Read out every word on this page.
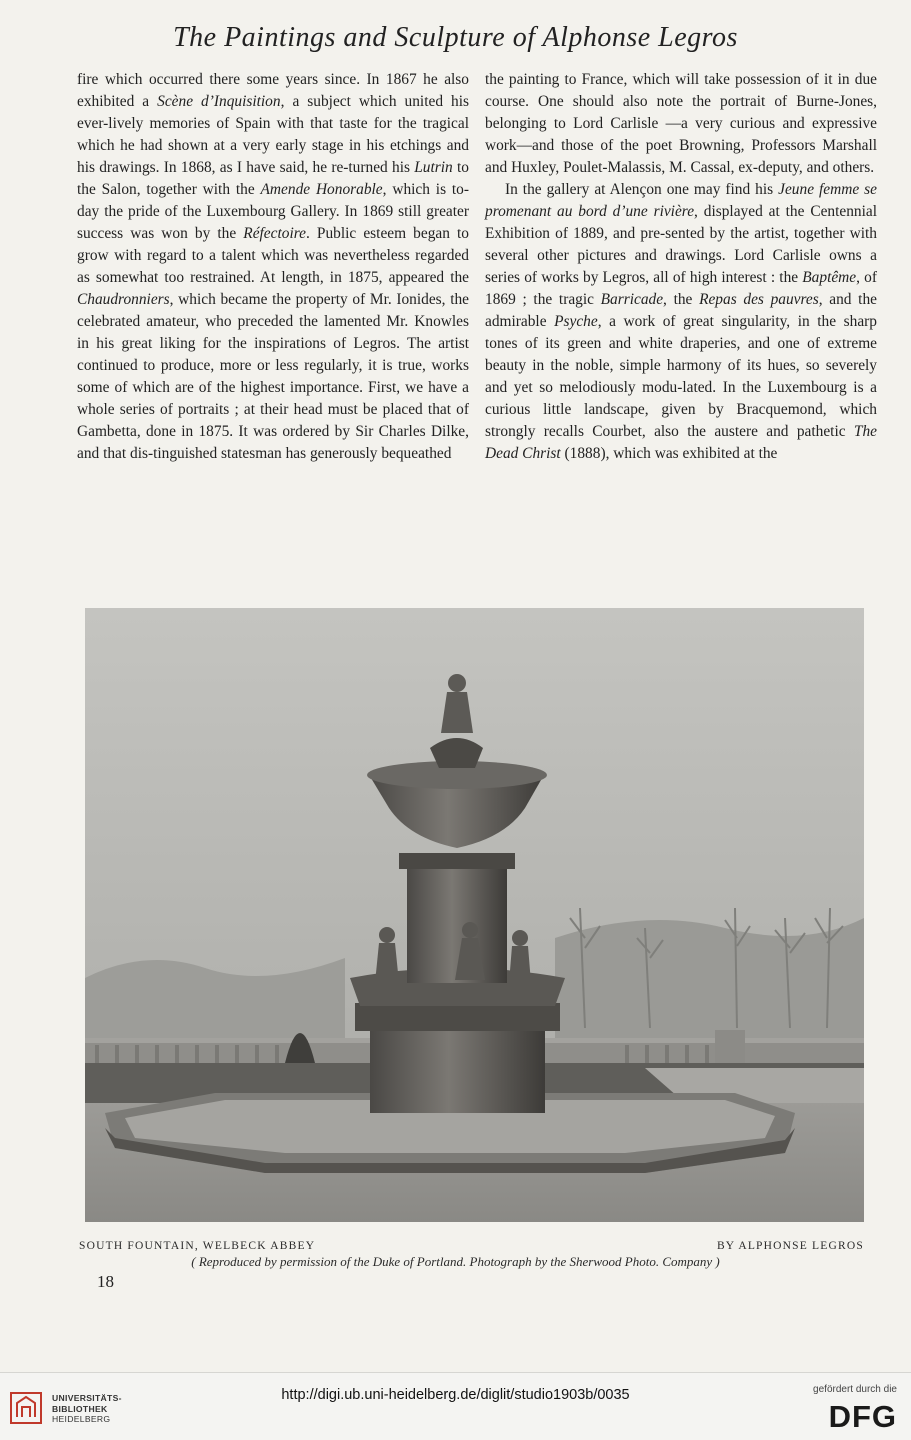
The Paintings and Sculpture of Alphonse Legros

fire which occurred there some years since. In 1867 he also exhibited a Scène d’Inquisition, a subject which united his ever-lively memories of Spain with that taste for the tragical which he had shown at a very early stage in his etchings and his drawings. In 1868, as I have said, he re-turned his Lutrin to the Salon, together with the Amende Honorable, which is to-day the pride of the Luxembourg Gallery. In 1869 still greater success was won by the Réfectoire. Public esteem began to grow with regard to a talent which was nevertheless regarded as somewhat too restrained. At length, in 1875, appeared the Chaudronniers, which became the property of Mr. Ionides, the celebrated amateur, who preceded the lamented Mr. Knowles in his great liking for the inspirations of Legros. The artist continued to produce, more or less regularly, it is true, works some of which are of the highest importance. First, we have a whole series of portraits ; at their head must be placed that of Gambetta, done in 1875. It was ordered by Sir Charles Dilke, and that dis-tinguished statesman has generously bequeathed

the painting to France, which will take possession of it in due course. One should also note the portrait of Burne-Jones, belonging to Lord Carlisle —a very curious and expressive work—and those of the poet Browning, Professors Marshall and Huxley, Poulet-Malassis, M. Cassal, ex-deputy, and others.

In the gallery at Alençon one may find his Jeune femme se promenant au bord d’une rivière, displayed at the Centennial Exhibition of 1889, and pre-sented by the artist, together with several other pictures and drawings. Lord Carlisle owns a series of works by Legros, all of high interest : the Baptême, of 1869 ; the tragic Barricade, the Repas des pauvres, and the admirable Psyche, a work of great singularity, in the sharp tones of its green and white draperies, and one of extreme beauty in the noble, simple harmony of its hues, so severely and yet so melodiously modu-lated. In the Luxembourg is a curious little landscape, given by Bracquemond, which strongly recalls Courbet, also the austere and pathetic The Dead Christ (1888), which was exhibited at the

SOUTH FOUNTAIN, WELBECK ABBEY	BY ALPHONSE LEGROS
( Reproduced by permission of the Duke of Portland. Photograph by the Sherwood Photo. Company )
18
UNIVERSITÄTS-
BIBLIOTHEK
HEIDELBERG
http://digi.ub.uni-heidelberg.de/diglit/studio1903b/0035	gefördert durch die
DFG
